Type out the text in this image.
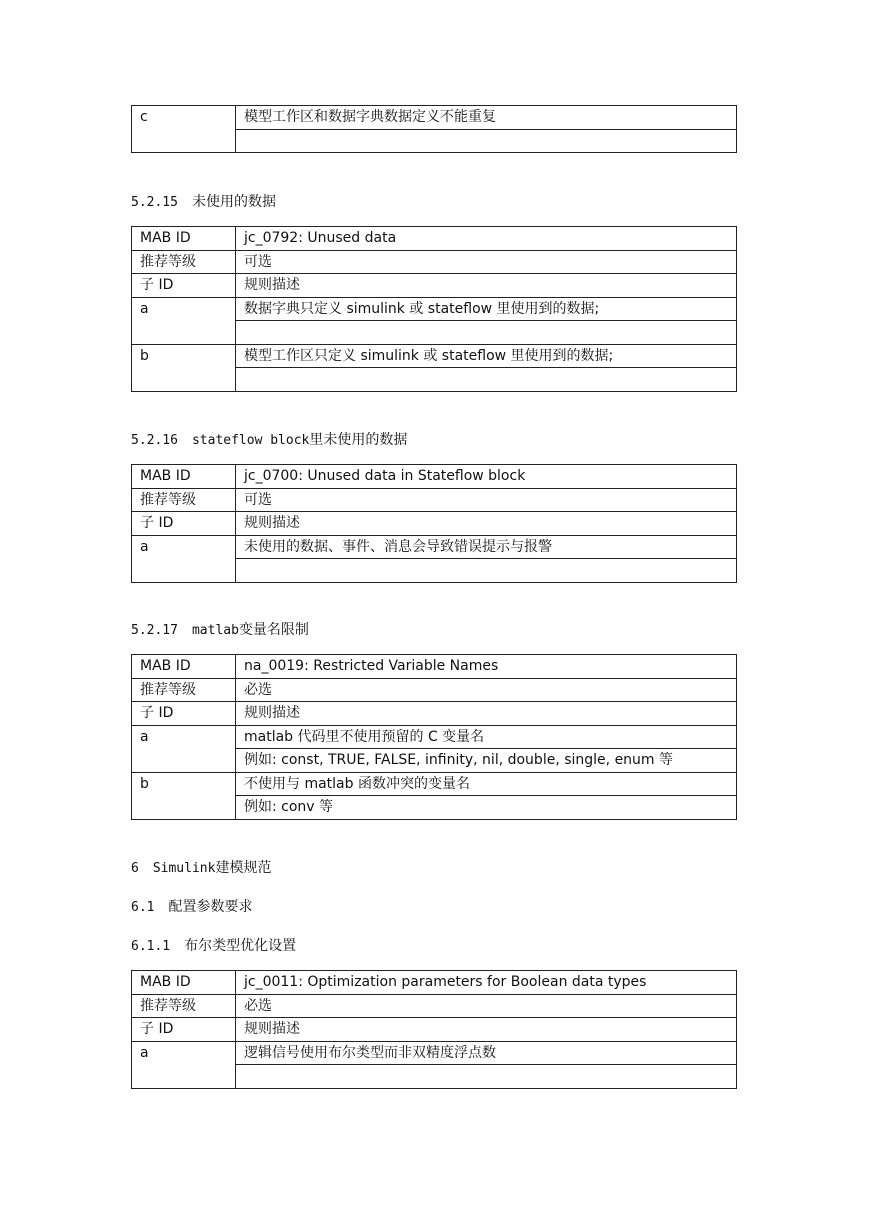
c	模型工作区和数据字典数据定义不能重复

5.2.15 未使用的数据
MAB ID	jc_0792: Unused data
推荐等级	可选
子 ID	规则描述
a	数据字典只定义 simulink 或 stateflow 里使用到的数据;

b	模型工作区只定义 simulink 或 stateflow 里使用到的数据;

5.2.16 stateflow block里未使用的数据
MAB ID	jc_0700: Unused data in Stateflow block
推荐等级	可选
子 ID	规则描述
a	未使用的数据、事件、消息会导致错误提示与报警

5.2.17 matlab变量名限制
MAB ID	na_0019: Restricted Variable Names
推荐等级	必选
子 ID	规则描述
a	matlab 代码里不使用预留的 C 变量名
	例如: const, TRUE, FALSE, infinity, nil, double, single, enum 等
b	不使用与 matlab 函数冲突的变量名
	例如: conv 等
6 Simulink建模规范
6.1 配置参数要求
6.1.1 布尔类型优化设置
MAB ID	jc_0011: Optimization parameters for Boolean data types
推荐等级	必选
子 ID	规则描述
a	逻辑信号使用布尔类型而非双精度浮点数
